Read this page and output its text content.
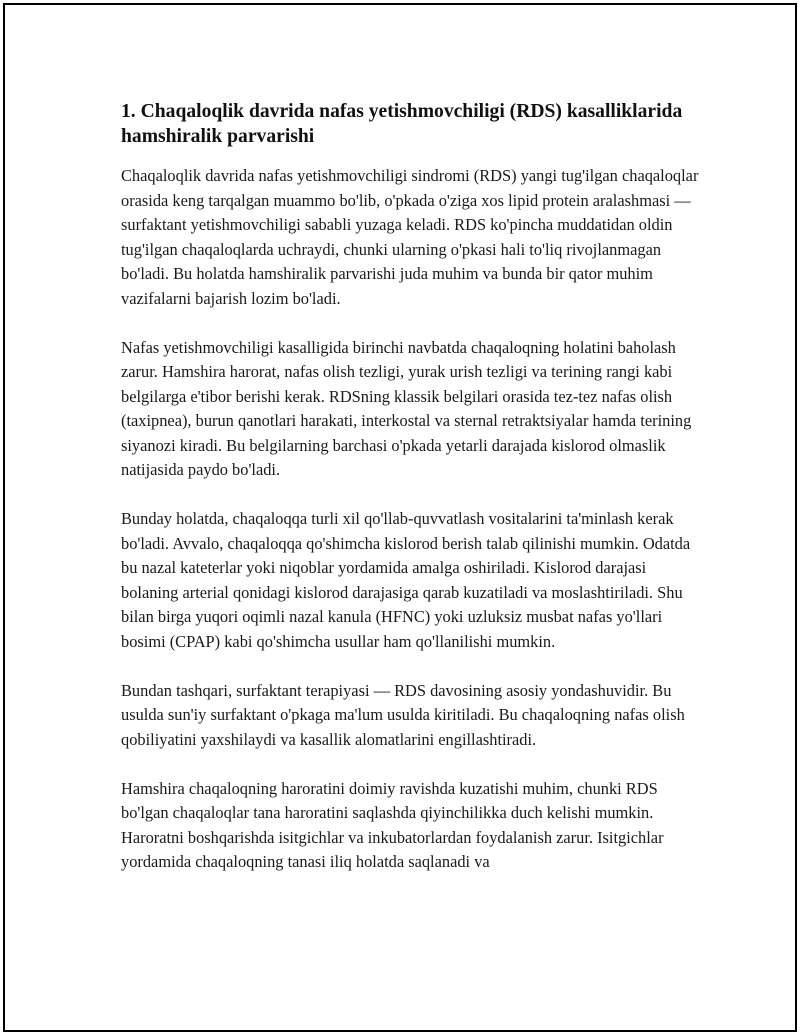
1. Chaqaloqlik davrida nafas yetishmovchiligi (RDS) kasalliklarida hamshiralik parvarishi

Chaqaloqlik davrida nafas yetishmovchiligi sindromi (RDS) yangi tug'ilgan chaqaloqlar orasida keng tarqalgan muammo bo'lib, o'pkada o'ziga xos lipid protein aralashmasi — surfaktant yetishmovchiligi sababli yuzaga keladi. RDS ko'pincha muddatidan oldin tug'ilgan chaqaloqlarda uchraydi, chunki ularning o'pkasi hali to'liq rivojlanmagan bo'ladi. Bu holatda hamshiralik parvarishi juda muhim va bunda bir qator muhim vazifalarni bajarish lozim bo'ladi.

Nafas yetishmovchiligi kasalligida birinchi navbatda chaqaloqning holatini baholash zarur. Hamshira harorat, nafas olish tezligi, yurak urish tezligi va terining rangi kabi belgilarga e'tibor berishi kerak. RDSning klassik belgilari orasida tez-tez nafas olish (taxipnea), burun qanotlari harakati, interkostal va sternal retraktsiyalar hamda terining siyanozi kiradi. Bu belgilarning barchasi o'pkada yetarli darajada kislorod olmaslik natijasida paydo bo'ladi.

Bunday holatda, chaqaloqqa turli xil qo'llab-quvvatlash vositalarini ta'minlash kerak bo'ladi. Avvalo, chaqaloqqa qo'shimcha kislorod berish talab qilinishi mumkin. Odatda bu nazal kateterlar yoki niqoblar yordamida amalga oshiriladi. Kislorod darajasi bolaning arterial qonidagi kislorod darajasiga qarab kuzatiladi va moslashtiriladi. Shu bilan birga yuqori oqimli nazal kanula (HFNC) yoki uzluksiz musbat nafas yo'llari bosimi (CPAP) kabi qo'shimcha usullar ham qo'llanilishi mumkin.

Bundan tashqari, surfaktant terapiyasi — RDS davosining asosiy yondashuvidir. Bu usulda sun'iy surfaktant o'pkaga ma'lum usulda kiritiladi. Bu chaqaloqning nafas olish qobiliyatini yaxshilaydi va kasallik alomatlarini engillashtiradi.

Hamshira chaqaloqning haroratini doimiy ravishda kuzatishi muhim, chunki RDS bo'lgan chaqaloqlar tana haroratini saqlashda qiyinchilikka duch kelishi mumkin. Haroratni boshqarishda isitgichlar va inkubatorlardan foydalanish zarur. Isitgichlar yordamida chaqaloqning tanasi iliq holatda saqlanadi va
